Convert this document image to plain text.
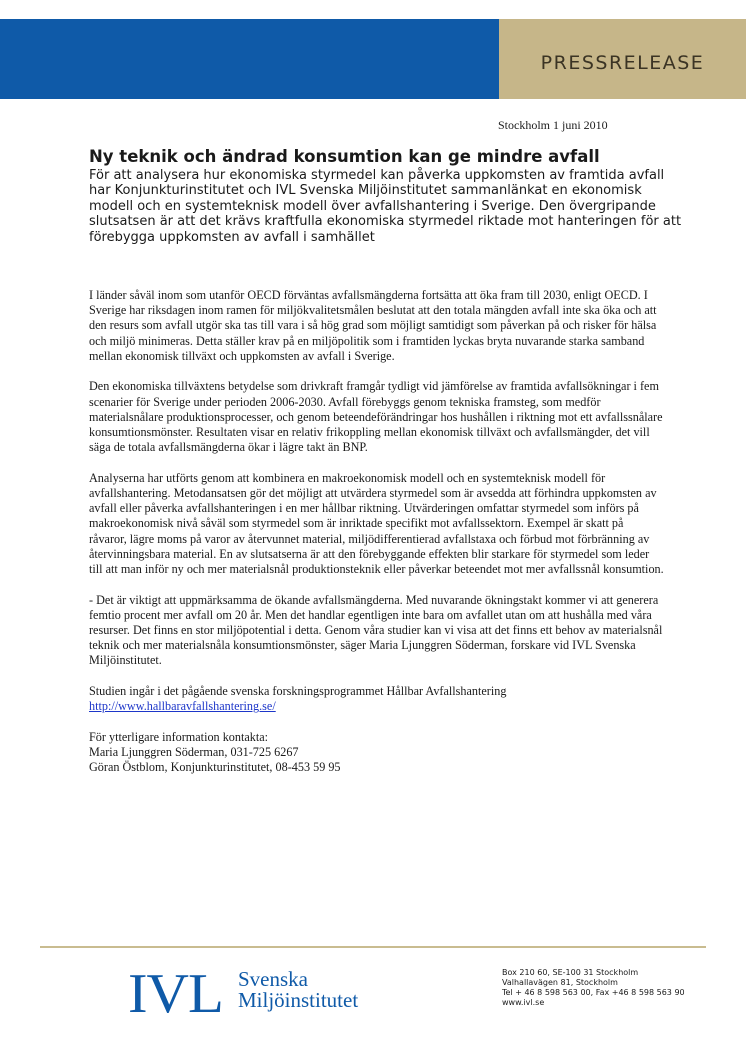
PRESSRELEASE
Stockholm 1 juni 2010
Ny teknik och ändrad konsumtion kan ge mindre avfall

För att analysera hur ekonomiska styrmedel kan påverka uppkomsten av framtida avfall har Konjunkturinstitutet och IVL Svenska Miljöinstitutet sammanlänkat en ekonomisk modell och en systemteknisk modell över avfallshantering i Sverige. Den övergripande slutsatsen är att det krävs kraftfulla ekonomiska styrmedel riktade mot hanteringen för att förebygga uppkomsten av avfall i samhället

I länder såväl inom som utanför OECD förväntas avfallsmängderna fortsätta att öka fram till 2030, enligt OECD. I Sverige har riksdagen inom ramen för miljökvalitetsmålen beslutat att den totala mängden avfall inte ska öka och att den resurs som avfall utgör ska tas till vara i så hög grad som möjligt samtidigt som påverkan på och risker för hälsa och miljö minimeras. Detta ställer krav på en miljöpolitik som i framtiden lyckas bryta nuvarande starka samband mellan ekonomisk tillväxt och uppkomsten av avfall i Sverige.

Den ekonomiska tillväxtens betydelse som drivkraft framgår tydligt vid jämförelse av framtida avfallsökningar i fem scenarier för Sverige under perioden 2006-2030. Avfall förebyggs genom tekniska framsteg, som medför materialsnålare produktionsprocesser, och genom beteendeförändringar hos hushållen i riktning mot ett avfallssnålare konsumtionsmönster. Resultaten visar en relativ frikoppling mellan ekonomisk tillväxt och avfallsmängder, det vill säga de totala avfallsmängderna ökar i lägre takt än BNP.

Analyserna har utförts genom att kombinera en makroekonomisk modell och en systemteknisk modell för avfallshantering. Metodansatsen gör det möjligt att utvärdera styrmedel som är avsedda att förhindra uppkomsten av avfall eller påverka avfallshanteringen i en mer hållbar riktning. Utvärderingen omfattar styrmedel som införs på makroekonomisk nivå såväl som styrmedel som är inriktade specifikt mot avfallssektorn. Exempel är skatt på råvaror, lägre moms på varor av återvunnet material, miljödifferentierad avfallstaxa och förbud mot förbränning av återvinningsbara material. En av slutsatserna är att den förebyggande effekten blir starkare för styrmedel som leder till att man inför ny och mer materialsnål produktionsteknik eller påverkar beteendet mot mer avfallssnål konsumtion.

- Det är viktigt att uppmärksamma de ökande avfallsmängderna. Med nuvarande ökningstakt kommer vi att generera femtio procent mer avfall om 20 år. Men det handlar egentligen inte bara om avfallet utan om att hushålla med våra resurser. Det finns en stor miljöpotential i detta. Genom våra studier kan vi visa att det finns ett behov av materialsnål teknik och mer materialsnåla konsumtionsmönster, säger Maria Ljunggren Söderman, forskare vid IVL Svenska Miljöinstitutet.

Studien ingår i det pågående svenska forskningsprogrammet Hållbar Avfallshantering
http://www.hallbaravfallshantering.se/

För ytterligare information kontakta:
Maria Ljunggren Söderman, 031-725 6267
Göran Östblom, Konjunkturinstitutet, 08-453 59 95

IVL Svenska
Miljöinstitutet
Box 210 60, SE-100 31 Stockholm
Valhallavägen 81, Stockholm
Tel + 46 8 598 563 00, Fax +46 8 598 563 90
www.ivl.se
